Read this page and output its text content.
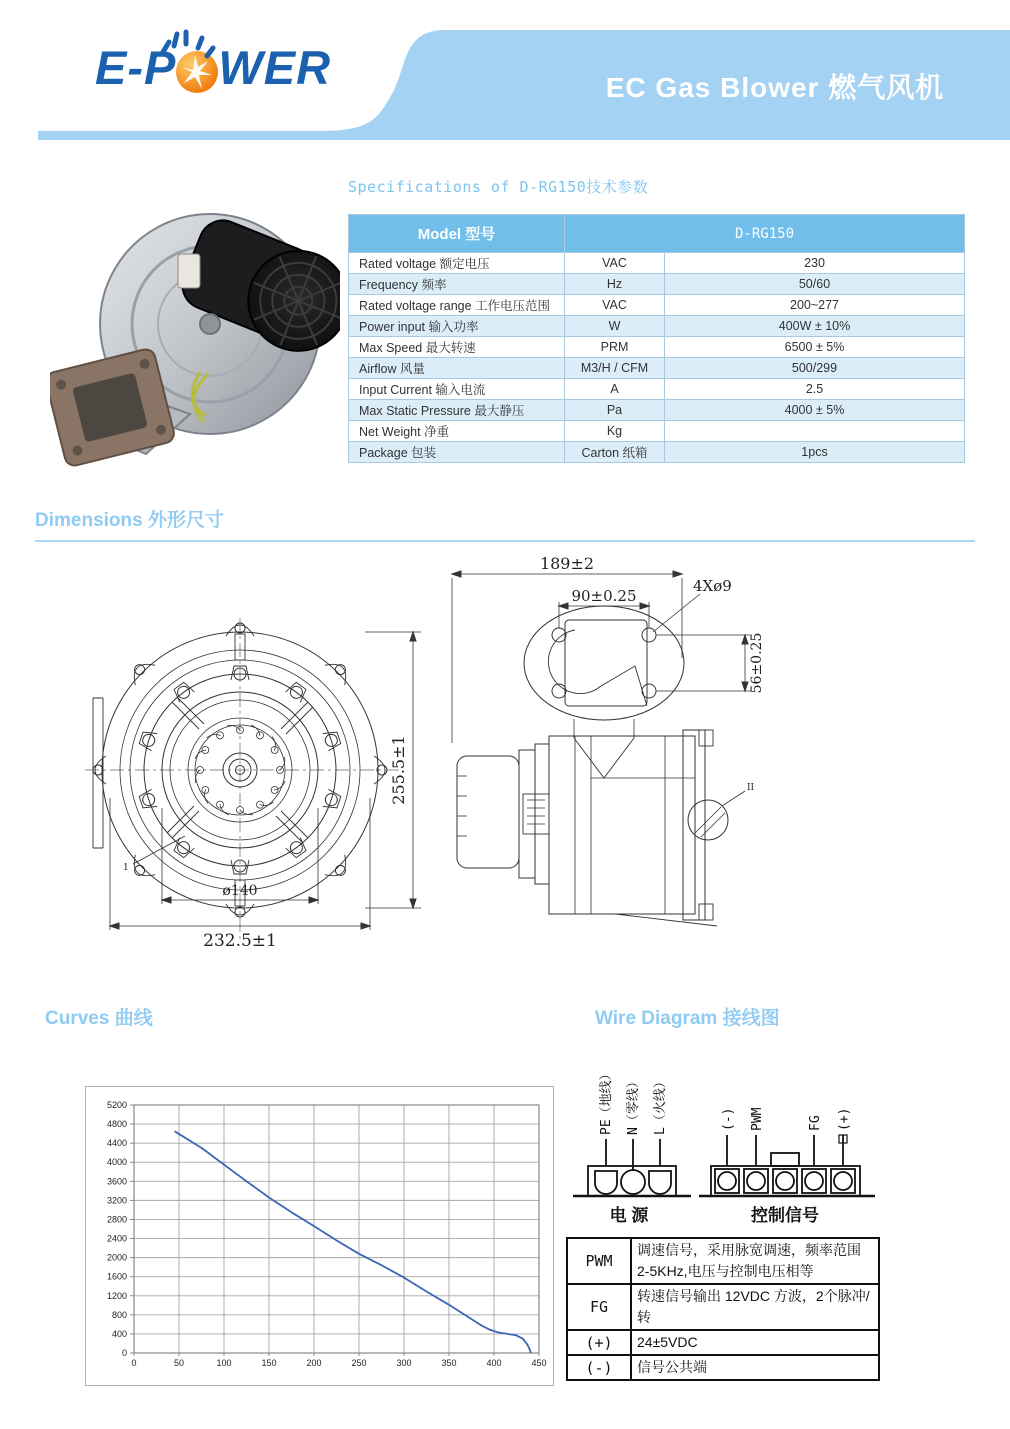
EC Gas Blower 燃气风机
E-P WER
Specifications of D-RG150技术参数
Model 型号	D-RG150	
Rated voltage 额定电压	VAC	230
Frequency 频率	Hz	50/60
Rated voltage range 工作电压范围	VAC	200~277
Power input 输入功率	W	400W ± 10%
Max Speed 最大转速	PRM	6500 ± 5%
Airflow 风量	M3/H / CFM	500/299
Input Current 输入电流	A	2.5
Max Static Pressure 最大静压	Pa	4000 ± 5%
Net Weight 净重	Kg	
Package 包装	Carton 纸箱	1pcs
Dimensions 外形尺寸
255.5±1
ø140
232.5±1
1
189±2
90±0.25
4Xø9
56±0.25
II
Curves 曲线
0	50	100	150	200	250	300	350	400	450
0
400
800
1200
1600
2000
2400
2800
3200
3600
4000
4400
4800
5200
Wire Diagram 接线图
PE（地线） N（零线） L（火线）	(-) PWM	FG (+)
电 源	控制信号
PWM	调速信号，采用脉宽调速，频率范围
2-5KHz,电压与控制电压相等
FG	转速信号输出 12VDC 方波，2个脉冲/转
(+)	24±5VDC
(-)	信号公共端
